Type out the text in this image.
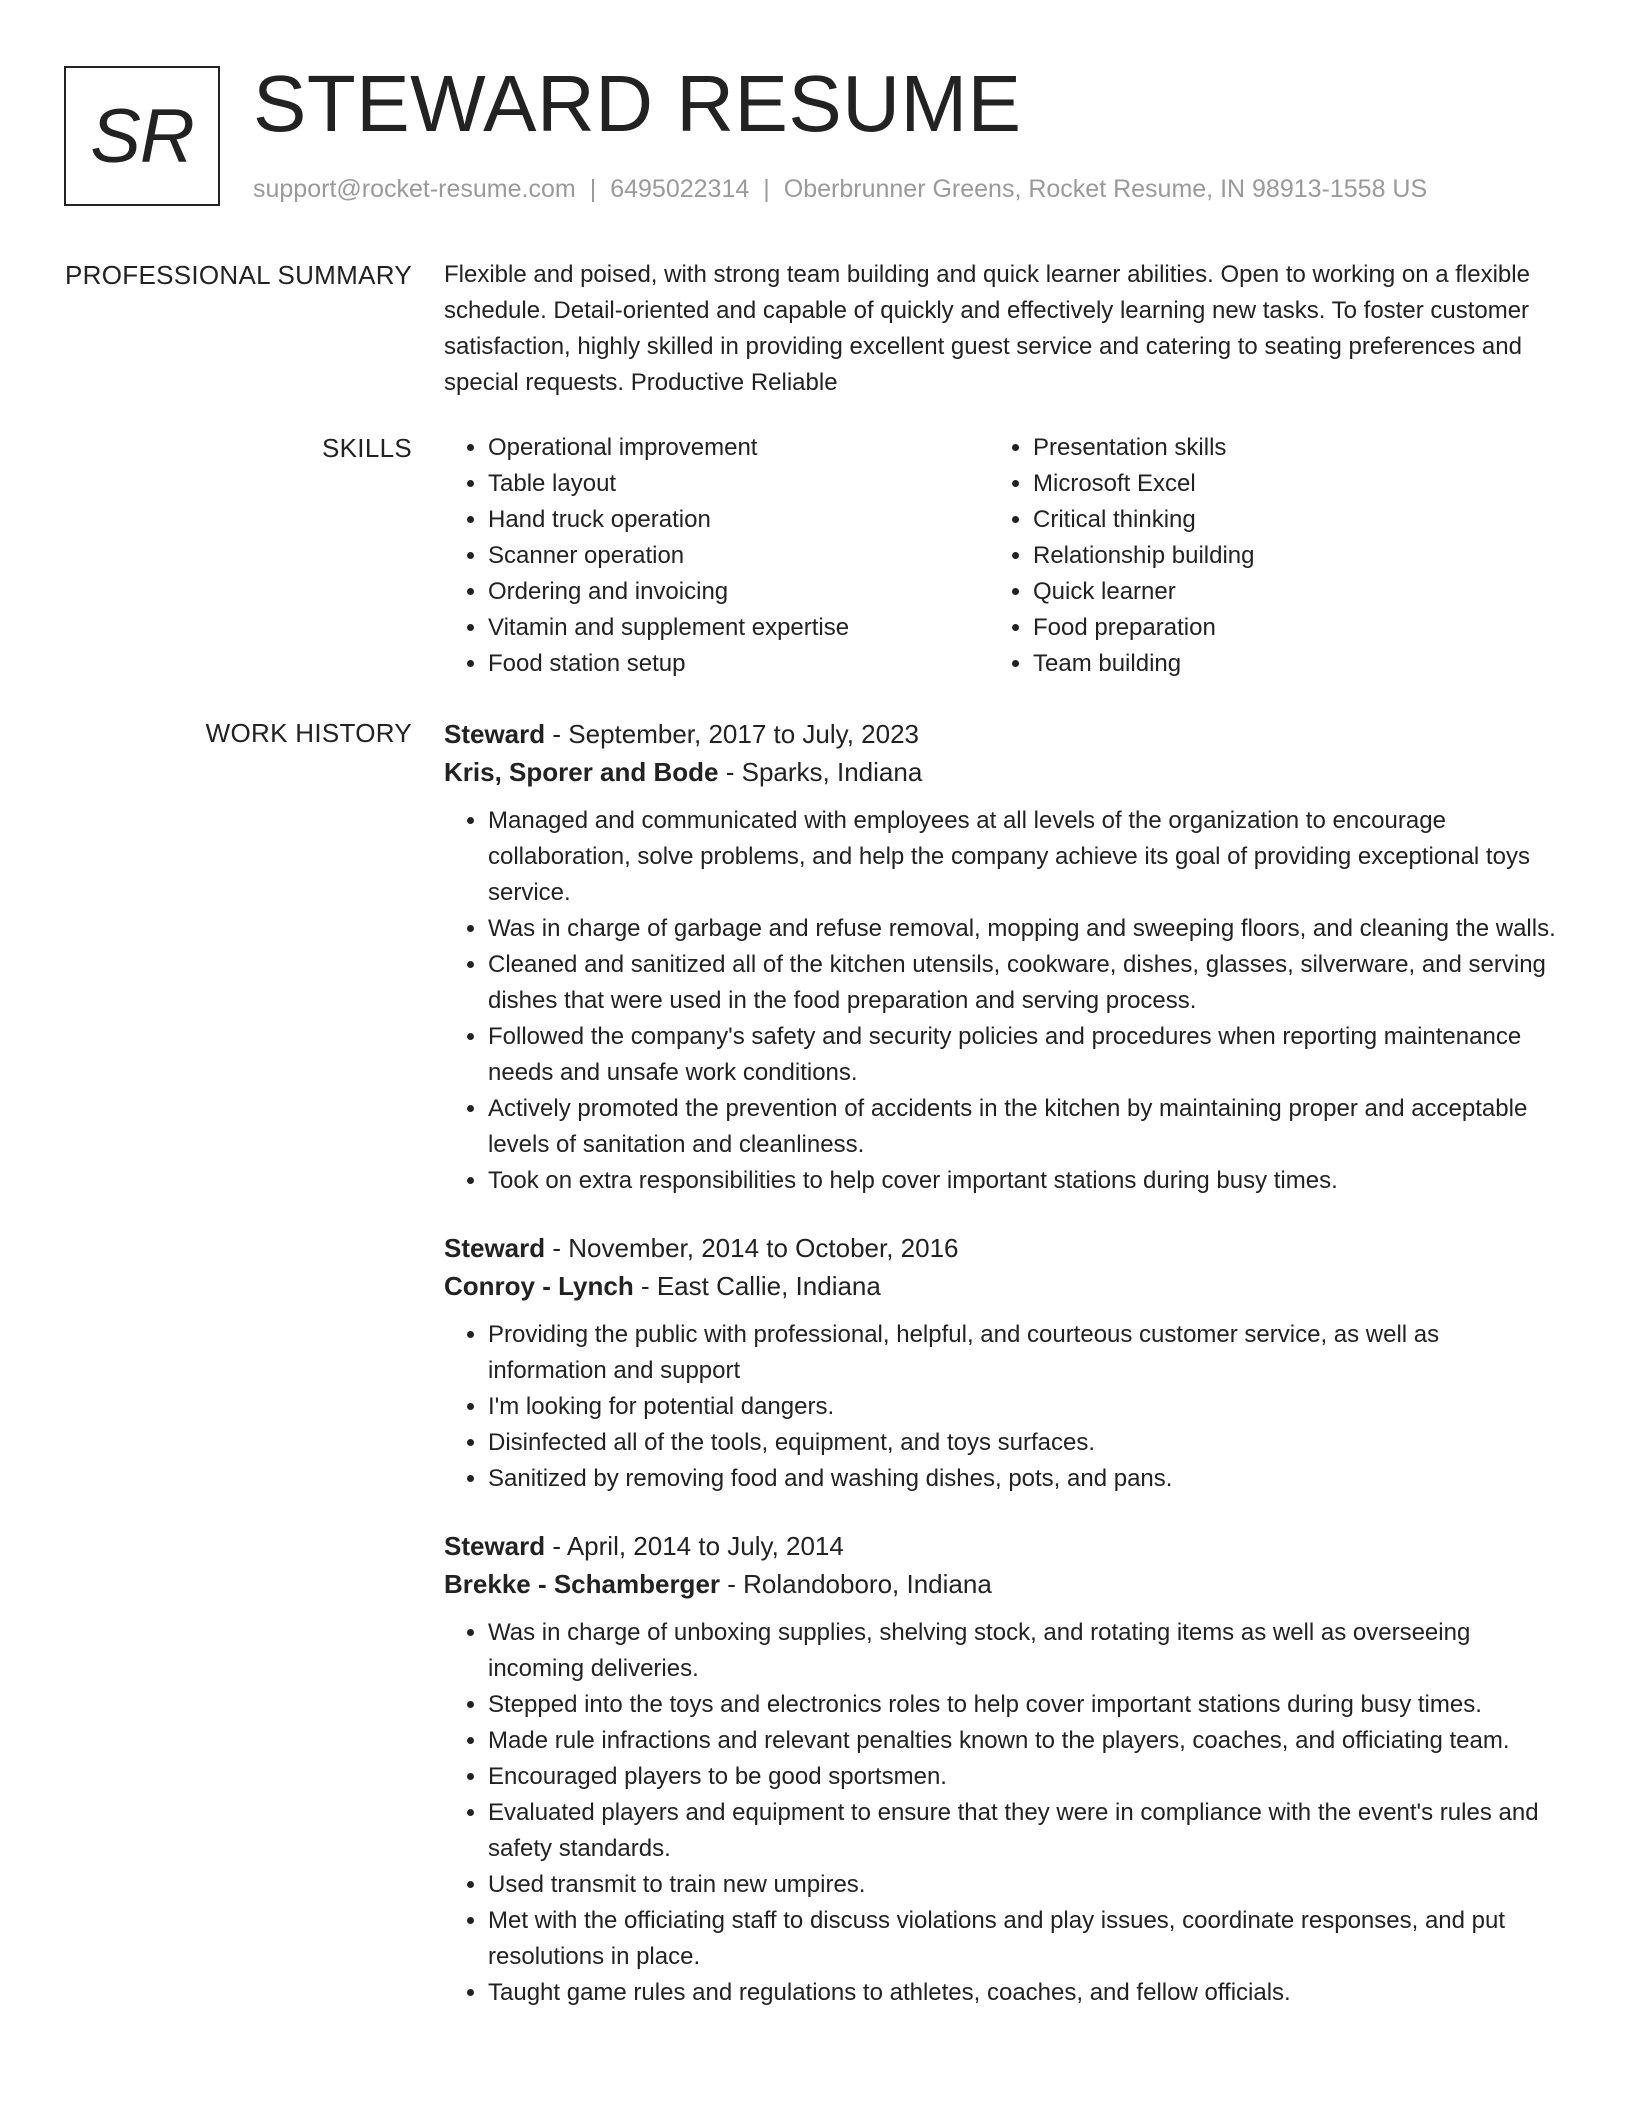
SR STEWARD RESUME
support@rocket-resume.com | 6495022314 | Oberbrunner Greens, Rocket Resume, IN 98913-1558 US
PROFESSIONAL SUMMARY Flexible and poised, with strong team building and quick learner abilities. Open to working on a flexible schedule. Detail-oriented and capable of quickly and effectively learning new tasks. To foster customer satisfaction, highly skilled in providing excellent guest service and catering to seating preferences and special requests. Productive Reliable

SKILLS
•	Operational improvement
• Table layout
• Hand truck operation
• Scanner operation
• Ordering and invoicing
• Vitamin and supplement expertise
• Food station setup
• Presentation skills
• Microsoft Excel
• Critical thinking
• Relationship building
• Quick learner
• Food preparation
• Team building
WORK HISTORY Steward - September, 2017 to July, 2023
Kris, Sporer and Bode - Sparks, Indiana
• Managed and communicated with employees at all levels of the organization to encourage collaboration, solve problems, and help the company achieve its goal of providing exceptional toys service.
• Was in charge of garbage and refuse removal, mopping and sweeping floors, and cleaning the walls.
• Cleaned and sanitized all of the kitchen utensils, cookware, dishes, glasses, silverware, and serving dishes that were used in the food preparation and serving process.
• Followed the company's safety and security policies and procedures when reporting maintenance needs and unsafe work conditions.
• Actively promoted the prevention of accidents in the kitchen by maintaining proper and acceptable levels of sanitation and cleanliness.
• Took on extra responsibilities to help cover important stations during busy times.
Steward - November, 2014 to October, 2016
Conroy - Lynch - East Callie, Indiana
• Providing the public with professional, helpful, and courteous customer service, as well as information and support
• I'm looking for potential dangers.
• Disinfected all of the tools, equipment, and toys surfaces.
• Sanitized by removing food and washing dishes, pots, and pans.
Steward - April, 2014 to July, 2014
Brekke - Schamberger - Rolandoboro, Indiana
• Was in charge of unboxing supplies, shelving stock, and rotating items as well as overseeing incoming deliveries.
• Stepped into the toys and electronics roles to help cover important stations during busy times.
• Made rule infractions and relevant penalties known to the players, coaches, and officiating team.
• Encouraged players to be good sportsmen.
• Evaluated players and equipment to ensure that they were in compliance with the event's rules and safety standards.
• Used transmit to train new umpires.
• Met with the officiating staff to discuss violations and play issues, coordinate responses, and put resolutions in place.
• Taught game rules and regulations to athletes, coaches, and fellow officials.
